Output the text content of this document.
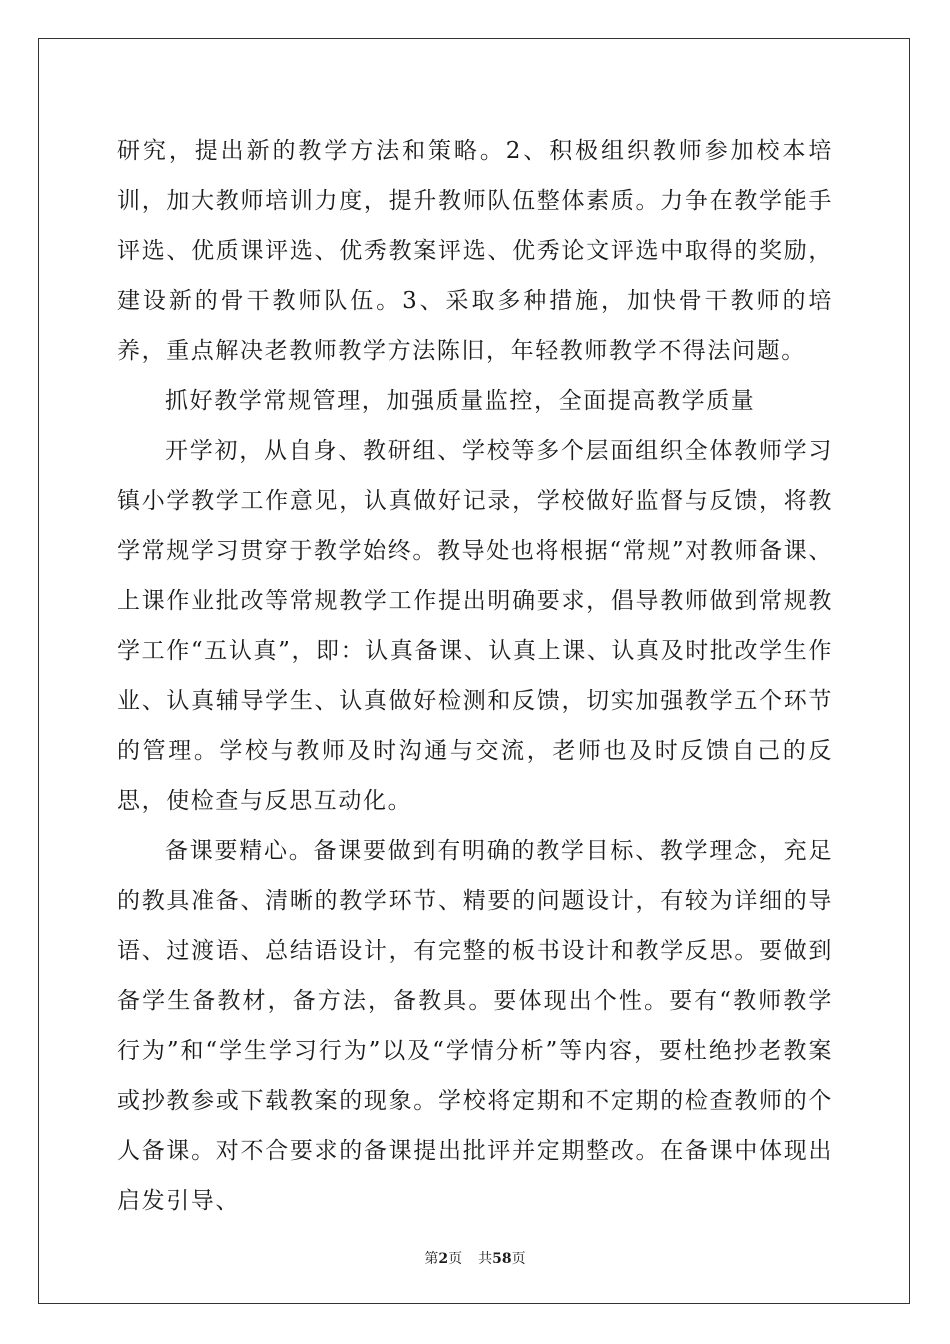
研究，提出新的教学方法和策略。2、积极组织教师参加校本培训，加大教师培训力度，提升教师队伍整体素质。力争在教学能手评选、优质课评选、优秀教案评选、优秀论文评选中取得的奖励，建设新的骨干教师队伍。3、采取多种措施，加快骨干教师的培养，重点解决老教师教学方法陈旧，年轻教师教学不得法问题。

抓好教学常规管理，加强质量监控，全面提高教学质量

开学初，从自身、教研组、学校等多个层面组织全体教师学习镇小学教学工作意见，认真做好记录，学校做好监督与反馈，将教学常规学习贯穿于教学始终。教导处也将根据“常规”对教师备课、上课作业批改等常规教学工作提出明确要求，倡导教师做到常规教学工作“五认真”，即：认真备课、认真上课、认真及时批改学生作业、认真辅导学生、认真做好检测和反馈，切实加强教学五个环节的管理。学校与教师及时沟通与交流，老师也及时反馈自己的反思，使检查与反思互动化。

备课要精心。备课要做到有明确的教学目标、教学理念，充足的教具准备、清晰的教学环节、精要的问题设计，有较为详细的导语、过渡语、总结语设计，有完整的板书设计和教学反思。要做到备学生备教材，备方法，备教具。要体现出个性。要有“教师教学行为”和“学生学习行为”以及“学情分析”等内容，要杜绝抄老教案或抄教参或下载教案的现象。学校将定期和不定期的检查教师的个人备课。对不合要求的备课提出批评并定期整改。在备课中体现出启发引导、

第2页 共58页
